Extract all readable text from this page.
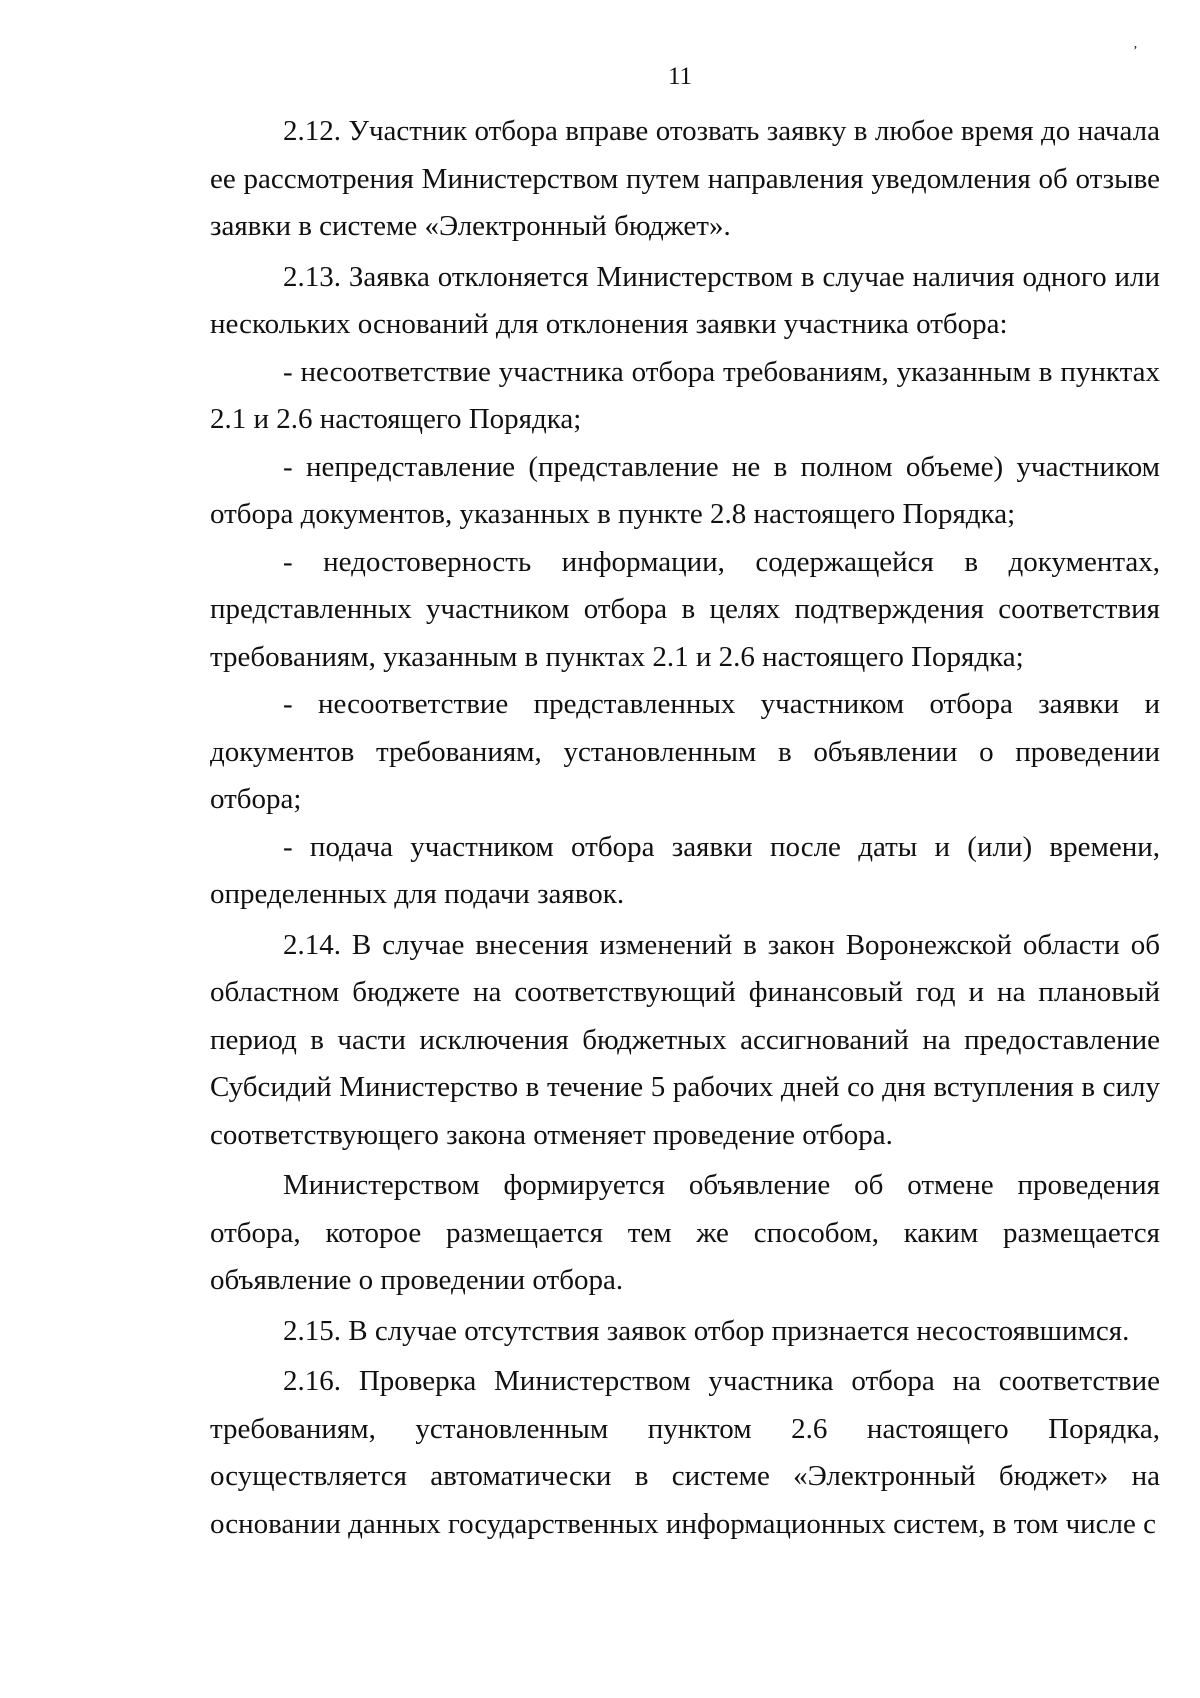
11
’

2.12. Участник отбора вправе отозвать заявку в любое время до начала ее рассмотрения Министерством путем направления уведомления об отзыве заявки в системе «Электронный бюджет».

2.13. Заявка отклоняется Министерством в случае наличия одного или нескольких оснований для отклонения заявки участника отбора:

- несоответствие участника отбора требованиям, указанным в пунктах 2.1 и 2.6 настоящего Порядка;

- непредставление (представление не в полном объеме) участником отбора документов, указанных в пункте 2.8 настоящего Порядка;

- недостоверность информации, содержащейся в документах, представленных участником отбора в целях подтверждения соответствия требованиям, указанным в пунктах 2.1 и 2.6 настоящего Порядка;

- несоответствие представленных участником отбора заявки и документов требованиям, установленным в объявлении о проведении отбора;

- подача участником отбора заявки после даты и (или) времени, определенных для подачи заявок.

2.14. В случае внесения изменений в закон Воронежской области об областном бюджете на соответствующий финансовый год и на плановый период в части исключения бюджетных ассигнований на предоставление Субсидий Министерство в течение 5 рабочих дней со дня вступления в силу соответствующего закона отменяет проведение отбора.

Министерством формируется объявление об отмене проведения отбора, которое размещается тем же способом, каким размещается объявление о проведении отбора.

2.15. В случае отсутствия заявок отбор признается несостоявшимся.

2.16. Проверка Министерством участника отбора на соответствие требованиям, установленным пунктом 2.6 настоящего Порядка, осуществляется автоматически в системе «Электронный бюджет» на основании данных государственных информационных систем, в том числе с
